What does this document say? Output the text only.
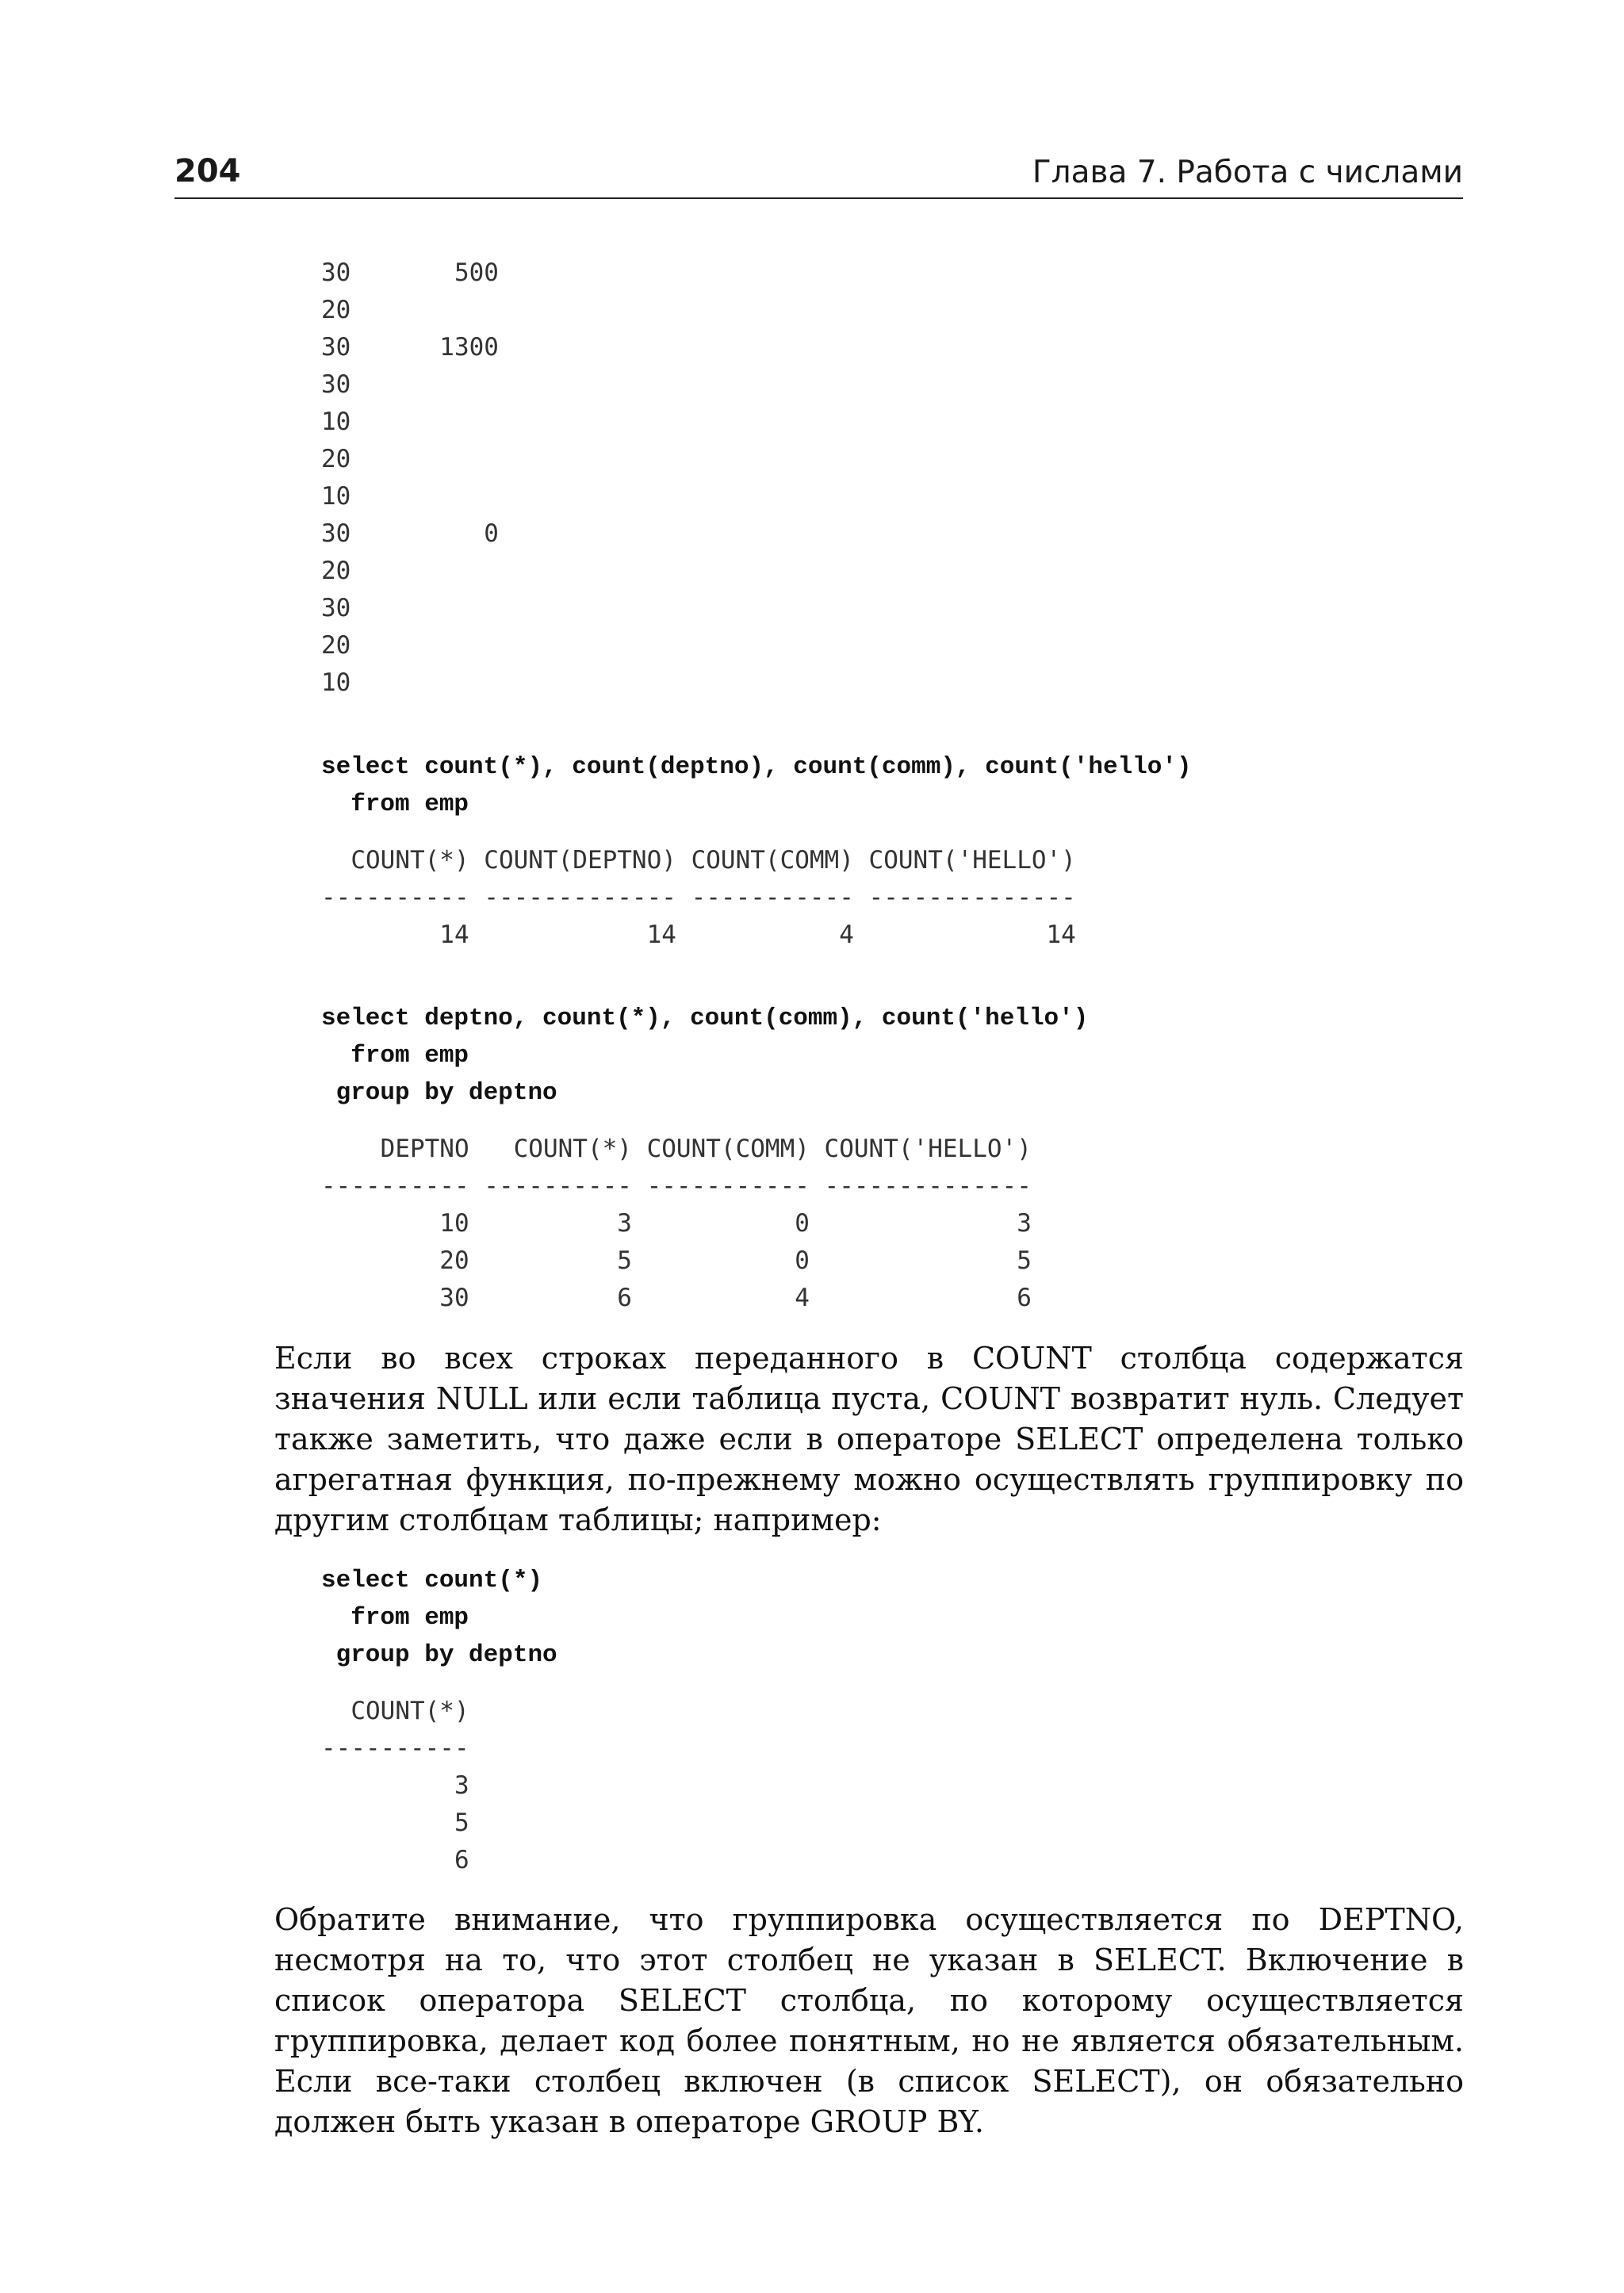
204	Глава 7. Работа с числами
30       500
20
30      1300
30
10
20
10
30         0
20
30
20
10
select count(*), count(deptno), count(comm), count('hello')
from emp
COUNT(*) COUNT(DEPTNO) COUNT(COMM) COUNT('HELLO')
---------- ------------- ----------- --------------
14            14           4             14
select deptno, count(*), count(comm), count('hello')
from emp
group by deptno
DEPTNO   COUNT(*) COUNT(COMM) COUNT('HELLO')
---------- ---------- ----------- --------------
10          3           0              3
20          5           0              5
30          6           4              6

Если во всех строках переданного в COUNT столбца содержатся значения NULL или если таблица пуста, COUNT возвратит нуль. Следует также заметить, что даже если в операторе SELECT определена только агрегатная функция, по-прежнему можно осуществлять группировку по другим столбцам таблицы; например:

select count(*)
from emp
group by deptno
COUNT(*)
----------
3
5
6

Обратите внимание, что группировка осуществляется по DEPTNO, несмотря на то, что этот столбец не указан в SELECT. Включение в список оператора SELECT столбца, по которому осуществляется группировка, делает код более понятным, но не является обязательным. Если все-таки столбец включен (в список SELECT), он обязательно должен быть указан в операторе GROUP BY.
